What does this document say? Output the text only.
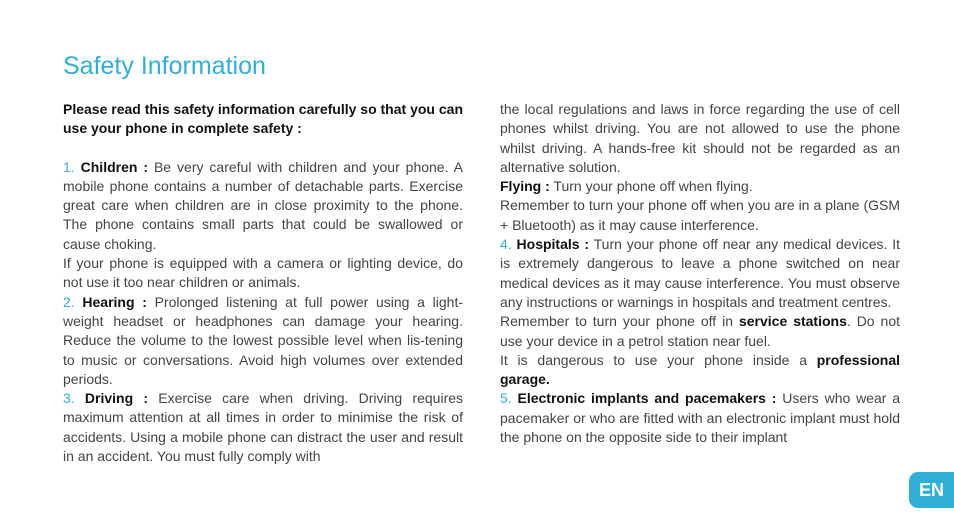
Safety Information

Please read this safety information carefully so that you can use your phone in complete safety :

1. Children : Be very careful with children and your phone. A mobile phone contains a number of detachable parts. Exercise great care when children are in close proximity to the phone. The phone contains small parts that could be swallowed or cause choking.

If your phone is equipped with a camera or lighting device, do not use it too near children or animals.

2. Hearing : Prolonged listening at full power using a light-weight headset or headphones can damage your hearing. Reduce the volume to the lowest possible level when lis-tening to music or conversations. Avoid high volumes over extended periods.

3. Driving : Exercise care when driving. Driving requires maximum attention at all times in order to minimise the risk of accidents. Using a mobile phone can distract the user and result in an accident. You must fully comply with

the local regulations and laws in force regarding the use of cell phones whilst driving. You are not allowed to use the phone whilst driving. A hands-free kit should not be regarded as an alternative solution.

Flying : Turn your phone off when flying.

Remember to turn your phone off when you are in a plane (GSM + Bluetooth) as it may cause interference.

4. Hospitals : Turn your phone off near any medical devices. It is extremely dangerous to leave a phone switched on near medical devices as it may cause interference. You must observe any instructions or warnings in hospitals and treatment centres.

Remember to turn your phone off in service stations. Do not use your device in a petrol station near fuel.

It is dangerous to use your phone inside a professional garage.

5. Electronic implants and pacemakers : Users who wear a pacemaker or who are fitted with an electronic implant must hold the phone on the opposite side to their implant

EN
